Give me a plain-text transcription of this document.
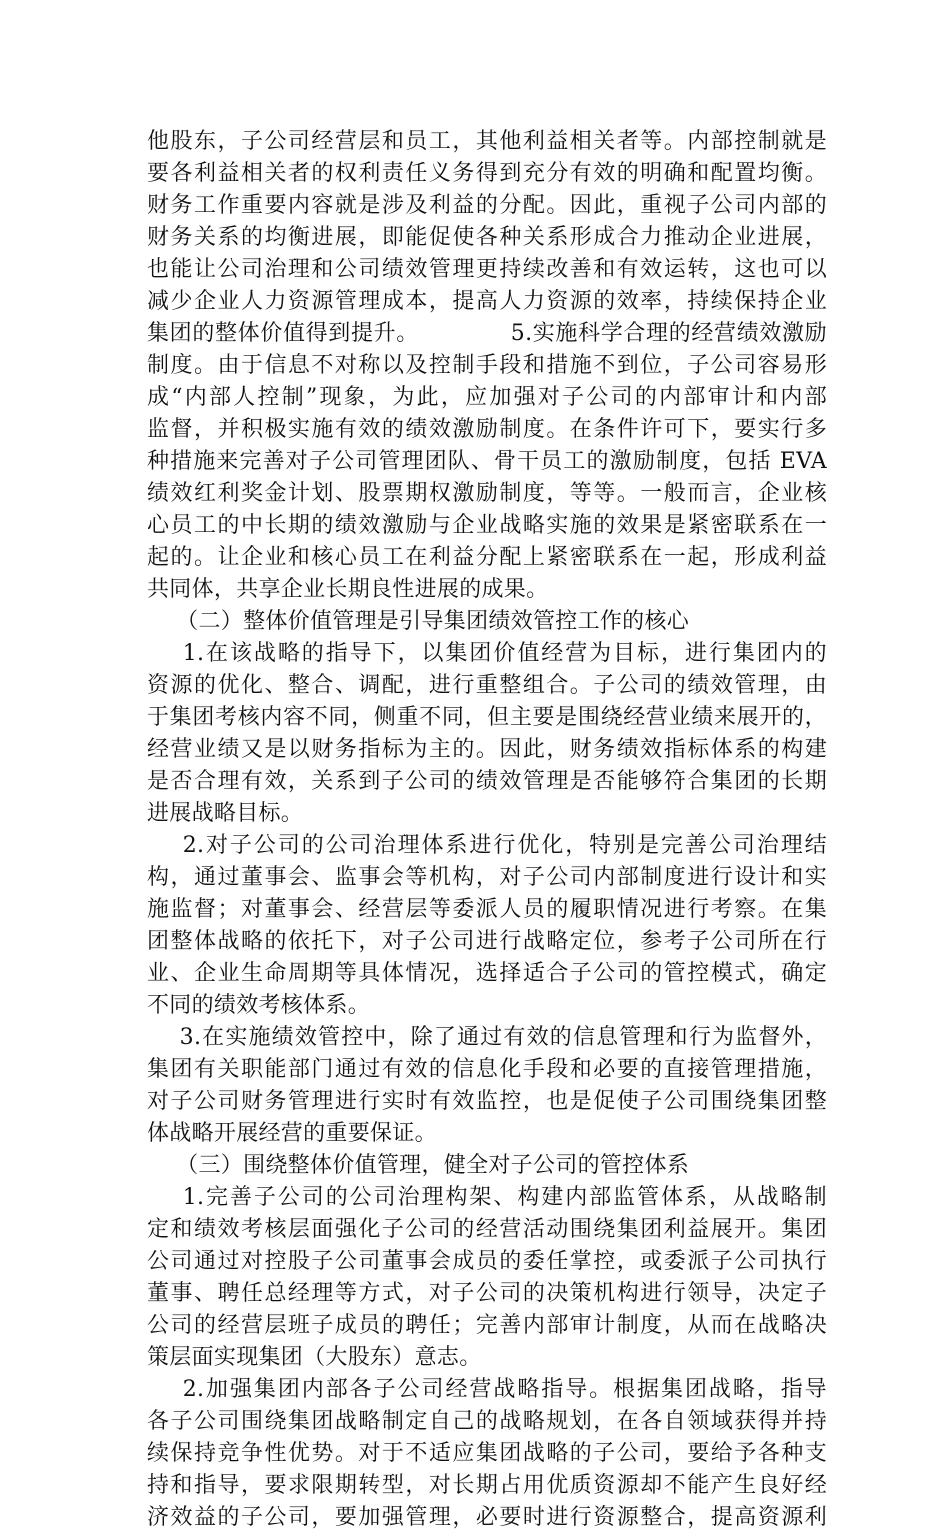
他股东，子公司经营层和员工，其他利益相关者等。内部控制就是
要各利益相关者的权利责任义务得到充分有效的明确和配置均衡。
财务工作重要内容就是涉及利益的分配。因此，重视子公司内部的
财务关系的均衡进展，即能促使各种关系形成合力推动企业进展，
也能让公司治理和公司绩效管理更持续改善和有效运转，这也可以
减少企业人力资源管理成本，提高人力资源的效率，持续保持企业
集团的整体价值得到提升。            5.实施科学合理的经营绩效激励
制度。由于信息不对称以及控制手段和措施不到位，子公司容易形
成“内部人控制”现象，为此，应加强对子公司的内部审计和内部
监督，并积极实施有效的绩效激励制度。在条件许可下，要实行多
种措施来完善对子公司管理团队、骨干员工的激励制度，包括 EVA
绩效红利奖金计划、股票期权激励制度，等等。一般而言，企业核
心员工的中长期的绩效激励与企业战略实施的效果是紧密联系在一
起的。让企业和核心员工在利益分配上紧密联系在一起，形成利益
共同体，共享企业长期良性进展的成果。
（二）整体价值管理是引导集团绩效管控工作的核心
1.在该战略的指导下，以集团价值经营为目标，进行集团内的
资源的优化、整合、调配，进行重整组合。子公司的绩效管理，由
于集团考核内容不同，侧重不同，但主要是围绕经营业绩来展开的，
经营业绩又是以财务指标为主的。因此，财务绩效指标体系的构建
是否合理有效，关系到子公司的绩效管理是否能够符合集团的长期
进展战略目标。
2.对子公司的公司治理体系进行优化，特别是完善公司治理结
构，通过董事会、监事会等机构，对子公司内部制度进行设计和实
施监督；对董事会、经营层等委派人员的履职情况进行考察。在集
团整体战略的依托下，对子公司进行战略定位，参考子公司所在行
业、企业生命周期等具体情况，选择适合子公司的管控模式，确定
不同的绩效考核体系。
3.在实施绩效管控中，除了通过有效的信息管理和行为监督外，
集团有关职能部门通过有效的信息化手段和必要的直接管理措施，
对子公司财务管理进行实时有效监控，也是促使子公司围绕集团整
体战略开展经营的重要保证。
（三）围绕整体价值管理，健全对子公司的管控体系
1.完善子公司的公司治理构架、构建内部监管体系，从战略制
定和绩效考核层面强化子公司的经营活动围绕集团利益展开。集团
公司通过对控股子公司董事会成员的委任掌控，或委派子公司执行
董事、聘任总经理等方式，对子公司的决策机构进行领导，决定子
公司的经营层班子成员的聘任；完善内部审计制度，从而在战略决
策层面实现集团（大股东）意志。
2.加强集团内部各子公司经营战略指导。根据集团战略，指导
各子公司围绕集团战略制定自己的战略规划，在各自领域获得并持
续保持竞争性优势。对于不适应集团战略的子公司，要给予各种支
持和指导，要求限期转型，对长期占用优质资源却不能产生良好经
济效益的子公司，要加强管理，必要时进行资源整合，提高资源利
